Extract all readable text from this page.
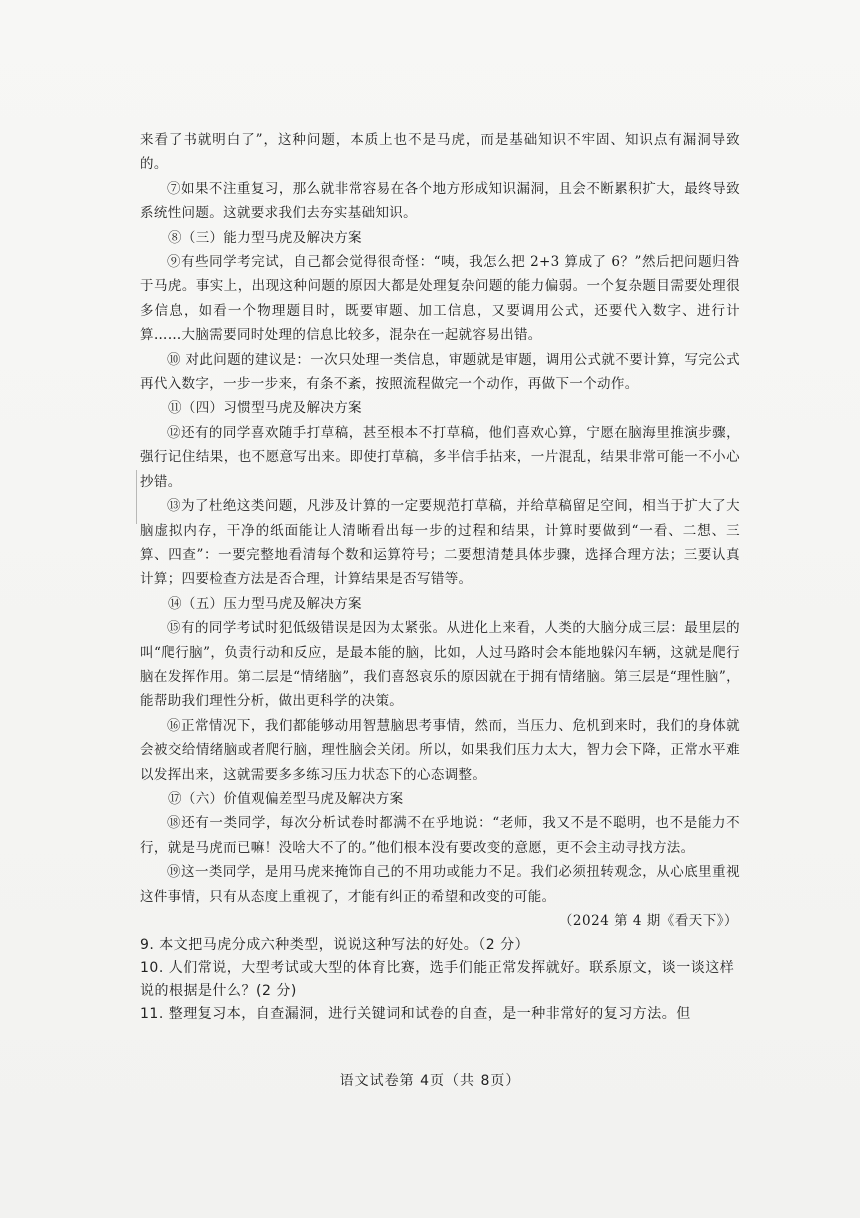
来看了书就明白了”，这种问题，本质上也不是马虎，而是基础知识不牢固、知识点有漏洞导致的。

⑦如果不注重复习，那么就非常容易在各个地方形成知识漏洞，且会不断累积扩大，最终导致系统性问题。这就要求我们去夯实基础知识。

⑧（三）能力型马虎及解决方案

⑨有些同学考完试，自己都会觉得很奇怪：“咦，我怎么把 2+3 算成了 6？”然后把问题归咎于马虎。事实上，出现这种问题的原因大都是处理复杂问题的能力偏弱。一个复杂题目需要处理很多信息，如看一个物理题目时，既要审题、加工信息，又要调用公式，还要代入数字、进行计算……大脑需要同时处理的信息比较多，混杂在一起就容易出错。

⑩ 对此问题的建议是：一次只处理一类信息，审题就是审题，调用公式就不要计算，写完公式再代入数字，一步一步来，有条不紊，按照流程做完一个动作，再做下一个动作。

⑪（四）习惯型马虎及解决方案

⑫还有的同学喜欢随手打草稿，甚至根本不打草稿，他们喜欢心算，宁愿在脑海里推演步骤，强行记住结果，也不愿意写出来。即使打草稿，多半信手拈来，一片混乱，结果非常可能一不小心抄错。

⑬为了杜绝这类问题，凡涉及计算的一定要规范打草稿，并给草稿留足空间，相当于扩大了大脑虚拟内存，干净的纸面能让人清晰看出每一步的过程和结果，计算时要做到“一看、二想、三算、四查”：一要完整地看清每个数和运算符号；二要想清楚具体步骤，选择合理方法；三要认真计算；四要检查方法是否合理，计算结果是否写错等。

⑭（五）压力型马虎及解决方案

⑮有的同学考试时犯低级错误是因为太紧张。从进化上来看，人类的大脑分成三层：最里层的叫“爬行脑”，负责行动和反应，是最本能的脑，比如，人过马路时会本能地躲闪车辆，这就是爬行脑在发挥作用。第二层是“情绪脑”，我们喜怒哀乐的原因就在于拥有情绪脑。第三层是“理性脑”，能帮助我们理性分析，做出更科学的决策。

⑯正常情况下，我们都能够动用智慧脑思考事情，然而，当压力、危机到来时，我们的身体就会被交给情绪脑或者爬行脑，理性脑会关闭。所以，如果我们压力太大，智力会下降，正常水平难以发挥出来，这就需要多多练习压力状态下的心态调整。

⑰（六）价值观偏差型马虎及解决方案

⑱还有一类同学，每次分析试卷时都满不在乎地说：“老师，我又不是不聪明，也不是能力不行，就是马虎而已嘛！没啥大不了的。”他们根本没有要改变的意愿，更不会主动寻找方法。

⑲这一类同学，是用马虎来掩饰自己的不用功或能力不足。我们必须扭转观念，从心底里重视这件事情，只有从态度上重视了，才能有纠正的希望和改变的可能。

（2024 第 4 期《看天下》）

9. 本文把马虎分成六种类型，说说这种写法的好处。（2 分）

10. 人们常说，大型考试或大型的体育比赛，选手们能正常发挥就好。联系原文，谈一谈这样说的根据是什么？(2 分)

11. 整理复习本，自查漏洞，进行关键词和试卷的自查，是一种非常好的复习方法。但

语文试卷第 4页（共 8页）
